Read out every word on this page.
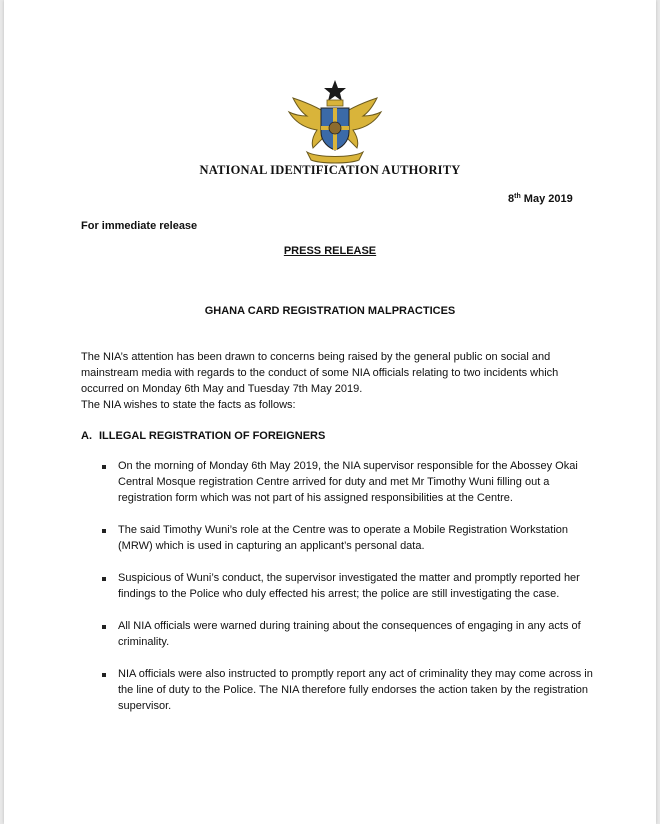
NATIONAL IDENTIFICATION AUTHORITY
8th May 2019
For immediate release
PRESS RELEASE
GHANA CARD REGISTRATION MALPRACTICES

The NIA’s attention has been drawn to concerns being raised by the general public on social and mainstream media with regards to the conduct of some NIA officials relating to two incidents which occurred on Monday 6th May and Tuesday 7th May 2019.

The NIA wishes to state the facts as follows:

A. ILLEGAL REGISTRATION OF FOREIGNERS
On the morning of Monday 6th May 2019, the NIA supervisor responsible for the Abossey Okai Central Mosque registration Centre arrived for duty and met Mr Timothy Wuni filling out a registration form which was not part of his assigned responsibilities at the Centre.
The said Timothy Wuni’s role at the Centre was to operate a Mobile Registration Workstation (MRW) which is used in capturing an applicant’s personal data.
Suspicious of Wuni’s conduct, the supervisor investigated the matter and promptly reported her findings to the Police who duly effected his arrest; the police are still investigating the case.
All NIA officials were warned during training about the consequences of engaging in any acts of criminality.
NIA officials were also instructed to promptly report any act of criminality they may come across in the line of duty to the Police. The NIA therefore fully endorses the action taken by the registration supervisor.
